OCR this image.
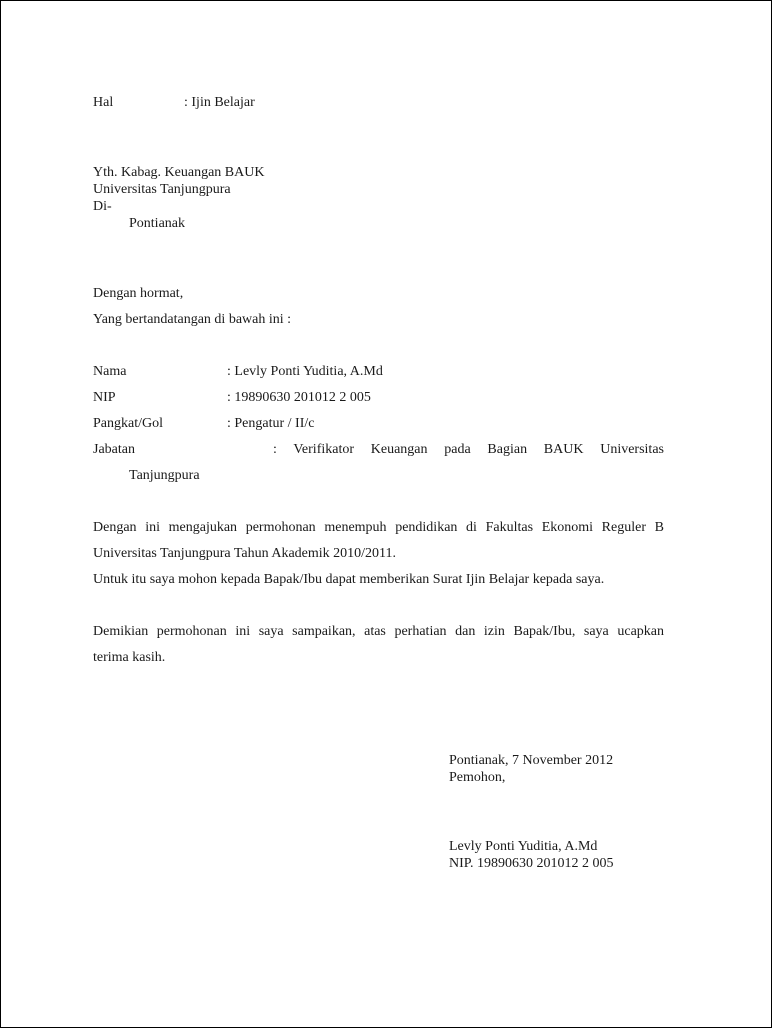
Hal	: Ijin Belajar
Yth. Kabag. Keuangan BAUK
Universitas Tanjungpura
Di-
Pontianak
Dengan hormat,
Yang bertandatangan di bawah ini :
Nama	: Levly Ponti Yuditia, A.Md
NIP	: 19890630 201012 2 005
Pangkat/Gol	: Pengatur / II/c
Jabatan	:  Verifikator  Keuangan  pada  Bagian  BAUK  Universitas
Tanjungpura
Dengan ini mengajukan permohonan menempuh pendidikan di Fakultas Ekonomi Reguler B
Universitas Tanjungpura Tahun Akademik 2010/2011.
Untuk itu saya mohon kepada Bapak/Ibu dapat memberikan Surat Ijin Belajar kepada saya.
Demikian permohonan ini saya sampaikan, atas perhatian dan izin Bapak/Ibu, saya ucapkan
terima kasih.
Pontianak, 7 November 2012
Pemohon,
Levly Ponti Yuditia, A.Md
NIP. 19890630 201012 2 005
